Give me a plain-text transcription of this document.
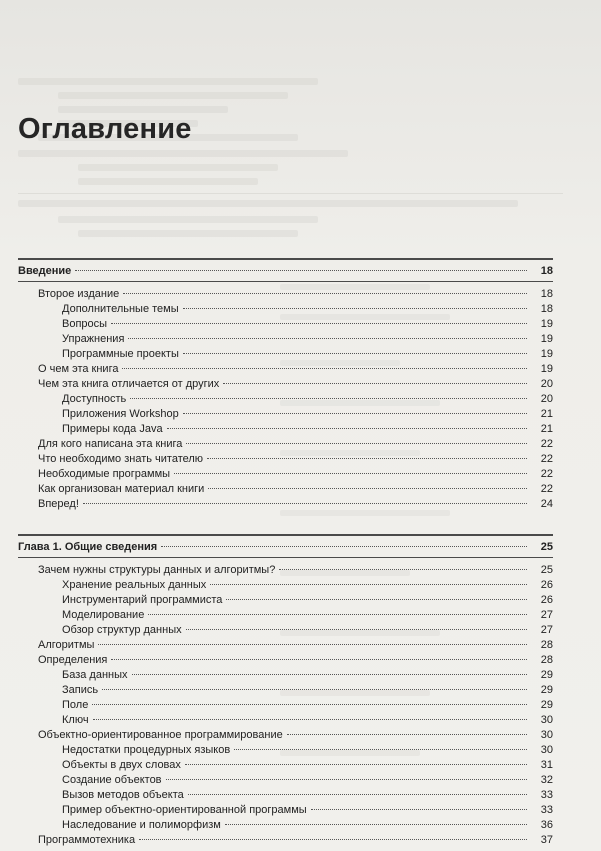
Оглавление
Введение	18
Второе издание	18
Дополнительные темы	18
Вопросы	19
Упражнения	19
Программные проекты	19
О чем эта книга	19
Чем эта книга отличается от других	20
Доступность	20
Приложения Workshop	21
Примеры кода Java	21
Для кого написана эта книга	22
Что необходимо знать читателю	22
Необходимые программы	22
Как организован материал книги	22
Вперед!	24
Глава 1. Общие сведения	25
Зачем нужны структуры данных и алгоритмы?	25
Хранение реальных данных	26
Инструментарий программиста	26
Моделирование	27
Обзор структур данных	27
Алгоритмы	28
Определения	28
База данных	29
Запись	29
Поле	29
Ключ	30
Объектно-ориентированное программирование	30
Недостатки процедурных языков	30
Объекты в двух словах	31
Создание объектов	32
Вызов методов объекта	33
Пример объектно-ориентированной программы	33
Наследование и полиморфизм	36
Программотехника	37
